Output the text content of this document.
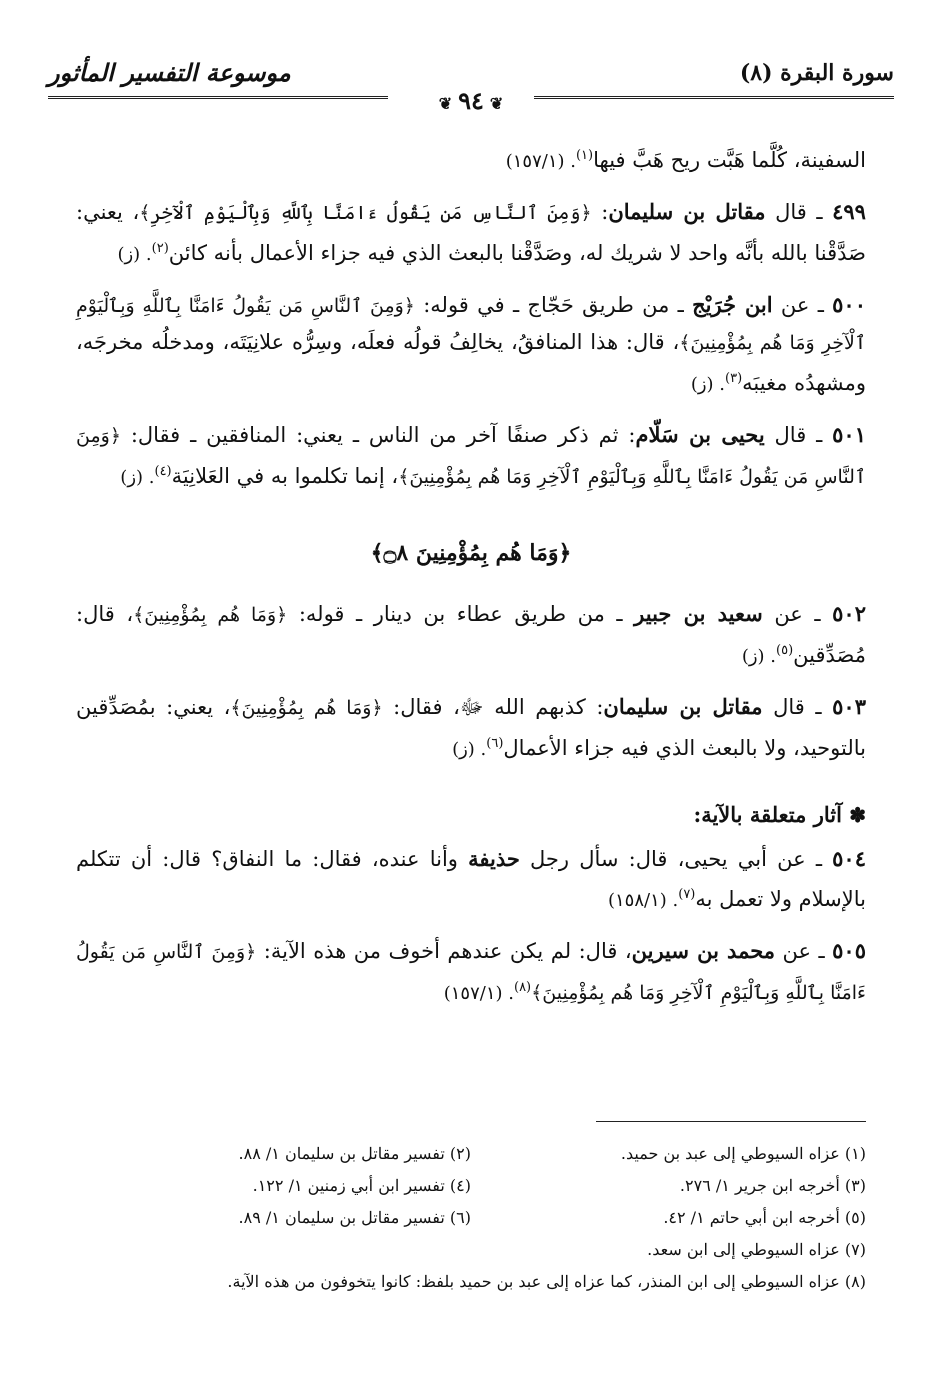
سورة البقرة (٨)
❦٩٤❦
موسوعة التفسير المأثور

السفينة، كُلَّما هَبَّت ريح هَبَّ فيها$^{(١)}$. (١٥٧/١)

٤٩٩ ـ قال مقاتل بن سليمان: ﴿وَمِنَ ٱلنَّاسِ مَن يَقُولُ ءَامَنَّا بِٱللَّهِ وَبِٱلْيَوْمِ ٱلْآخِرِ﴾، يعني: صَدَّقْنا بالله بأنَّه واحد لا شريك له، وصَدَّقْنا بالبعث الذي فيه جزاء الأعمال بأنه كائن$^{(٢)}$. (ز)

٥٠٠ ـ عن ابن جُرَيْج ـ من طريق حَجّاج ـ في قوله: ﴿وَمِنَ ٱلنَّاسِ مَن يَقُولُ ءَامَنَّا بِٱللَّهِ وَبِٱلْيَوْمِ ٱلْآخِرِ وَمَا هُم بِمُؤْمِنِينَ﴾، قال: هذا المنافقُ، يخالِفُ قولُه فعلَه، وسِرُّه علانِيَتَه، ومدخلُه مخرجَه، ومشهدُه مغيبَه$^{(٣)}$. (ز)

٥٠١ ـ قال يحيى بن سَلّام: ثم ذكر صنفًا آخر من الناس ـ يعني: المنافقين ـ فقال: ﴿وَمِنَ ٱلنَّاسِ مَن يَقُولُ ءَامَنَّا بِٱللَّهِ وَبِٱلْيَوْمِ ٱلْآخِرِ وَمَا هُم بِمُؤْمِنِينَ﴾، إنما تكلموا به في العَلانِيَة$^{(٤)}$. (ز)

﴿وَمَا هُم بِمُؤْمِنِينَ ۝٨﴾

٥٠٢ ـ عن سعيد بن جبير ـ من طريق عطاء بن دينار ـ قوله: ﴿وَمَا هُم بِمُؤْمِنِينَ﴾، قال: مُصَدِّقين$^{(٥)}$. (ز)

٥٠٣ ـ قال مقاتل بن سليمان: كذبهم الله ﷻ، فقال: ﴿وَمَا هُم بِمُؤْمِنِينَ﴾، يعني: بمُصَدِّقين بالتوحيد، ولا بالبعث الذي فيه جزاء الأعمال$^{(٦)}$. (ز)

✽ آثار متعلقة بالآية:

٥٠٤ ـ عن أبي يحيى، قال: سأل رجل حذيفة وأنا عنده، فقال: ما النفاق؟ قال: أن تتكلم بالإسلام ولا تعمل به$^{(٧)}$. (١٥٨/١)

٥٠٥ ـ عن محمد بن سيرين، قال: لم يكن عندهم أخوف من هذه الآية: ﴿وَمِنَ ٱلنَّاسِ مَن يَقُولُ ءَامَنَّا بِٱللَّهِ وَبِٱلْيَوْمِ ٱلْآخِرِ وَمَا هُم بِمُؤْمِنِينَ﴾$^{(٨)}$. (١٥٧/١)

(١) عزاه السيوطي إلى عبد بن حميد.
(٢) تفسير مقاتل بن سليمان ١/ ٨٨.
(٣) أخرجه ابن جرير ١/ ٢٧٦.
(٤) تفسير ابن أبي زمنين ١/ ١٢٢.
(٥) أخرجه ابن أبي حاتم ١/ ٤٢.
(٦) تفسير مقاتل بن سليمان ١/ ٨٩.
(٧) عزاه السيوطي إلى ابن سعد.
(٨) عزاه السيوطي إلى ابن المنذر، كما عزاه إلى عبد بن حميد بلفظ: كانوا يتخوفون من هذه الآية.
